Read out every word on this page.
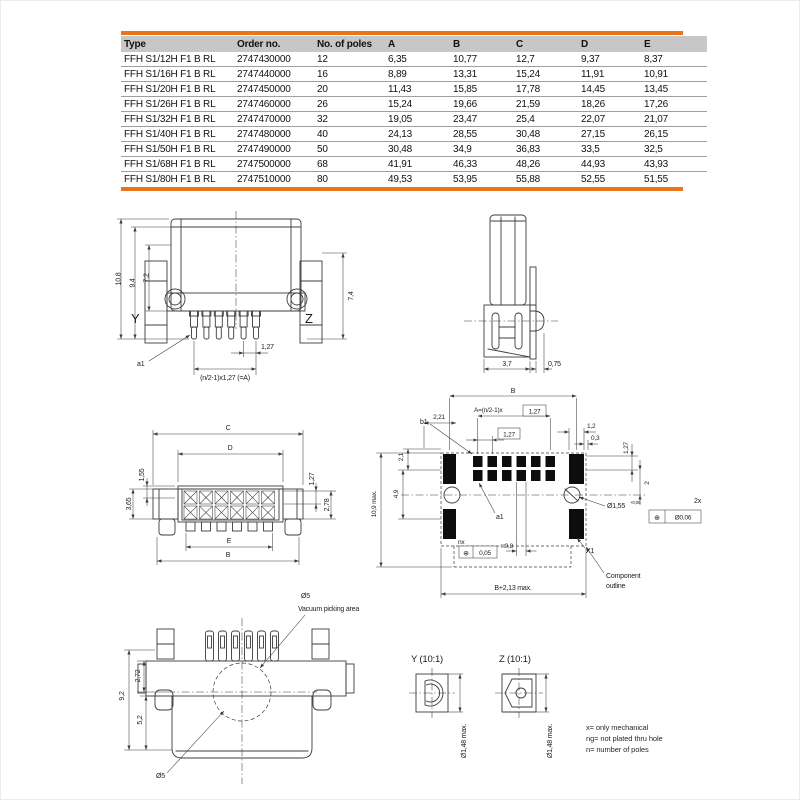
Type	Order no.	No. of poles	A	B	C	D	E
FFH S1/12H F1 B RL	2747430000	12	6,35	10,77	12,7	9,37	8,37
FFH S1/16H F1 B RL	2747440000	16	8,89	13,31	15,24	11,91	10,91
FFH S1/20H F1 B RL	2747450000	20	11,43	15,85	17,78	14,45	13,45
FFH S1/26H F1 B RL	2747460000	26	15,24	19,66	21,59	18,26	17,26
FFH S1/32H F1 B RL	2747470000	32	19,05	23,47	25,4	22,07	21,07
FFH S1/40H F1 B RL	2747480000	40	24,13	28,55	30,48	27,15	26,15
FFH S1/50H F1 B RL	2747490000	50	30,48	34,9	36,83	33,5	32,5
FFH S1/68H F1 B RL	2747500000	68	41,91	46,33	48,26	44,93	43,93
FFH S1/80H F1 B RL	2747510000	80	49,53	53,95	55,88	52,55	51,55
10,8 9,4
7,2
7,4
Y	Z
a1
1,27
(n/2-1)x1,27 (=A)
3,7	0,75
C
D
E
B
1,55
3,65
1,27
2,78
B
A=(n/2-1)x	1,27
2,21
b1
1,27
1,2
0,3
1,27
2
10,9 max. 4,9
2,1
a1
nx
⊕ 0,05
□0,8
X1
Component
outline
Ø1,55
+0,05	2x
⊕ Ø0,06
B+2,13 max.
2,72
9,2
5,2
Ø5
Vacuum picking area
Ø5
Y (10:1)
Ø1,48 max.
Z (10:1)
Ø1,48 max.	x= only mechanical
ng= not plated thru hole
n= number of poles
